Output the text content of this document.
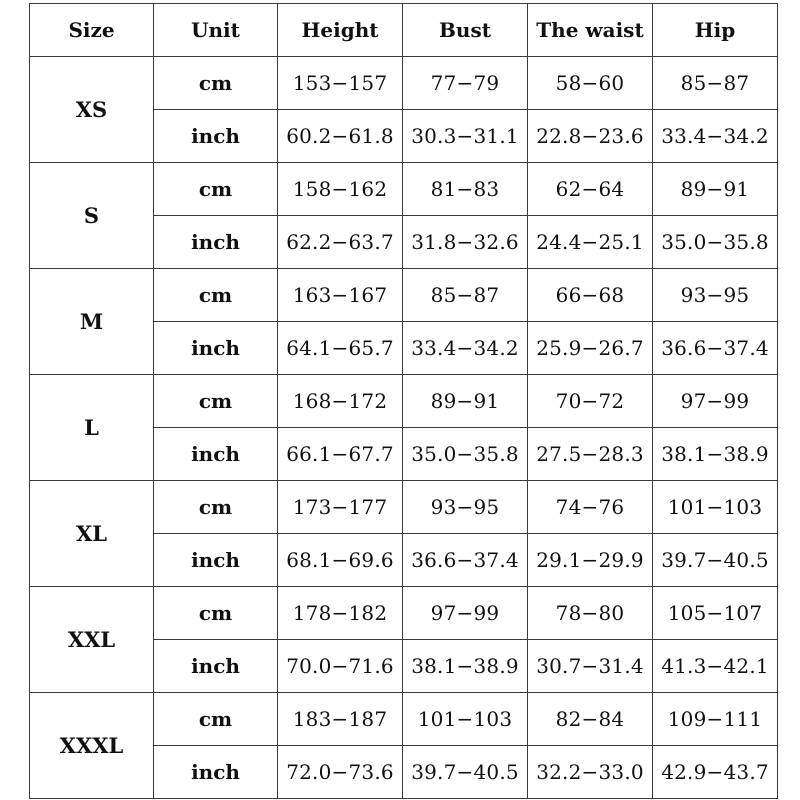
Size	Unit	Height	Bust	The waist	Hip
XS	cm	153−157	77−79	58−60	85−87
	inch	60.2−61.8	30.3−31.1	22.8−23.6	33.4−34.2
S	cm	158−162	81−83	62−64	89−91
	inch	62.2−63.7	31.8−32.6	24.4−25.1	35.0−35.8
M	cm	163−167	85−87	66−68	93−95
	inch	64.1−65.7	33.4−34.2	25.9−26.7	36.6−37.4
L	cm	168−172	89−91	70−72	97−99
	inch	66.1−67.7	35.0−35.8	27.5−28.3	38.1−38.9
XL	cm	173−177	93−95	74−76	101−103
	inch	68.1−69.6	36.6−37.4	29.1−29.9	39.7−40.5
XXL	cm	178−182	97−99	78−80	105−107
	inch	70.0−71.6	38.1−38.9	30.7−31.4	41.3−42.1
XXXL	cm	183−187	101−103	82−84	109−111
	inch	72.0−73.6	39.7−40.5	32.2−33.0	42.9−43.7
